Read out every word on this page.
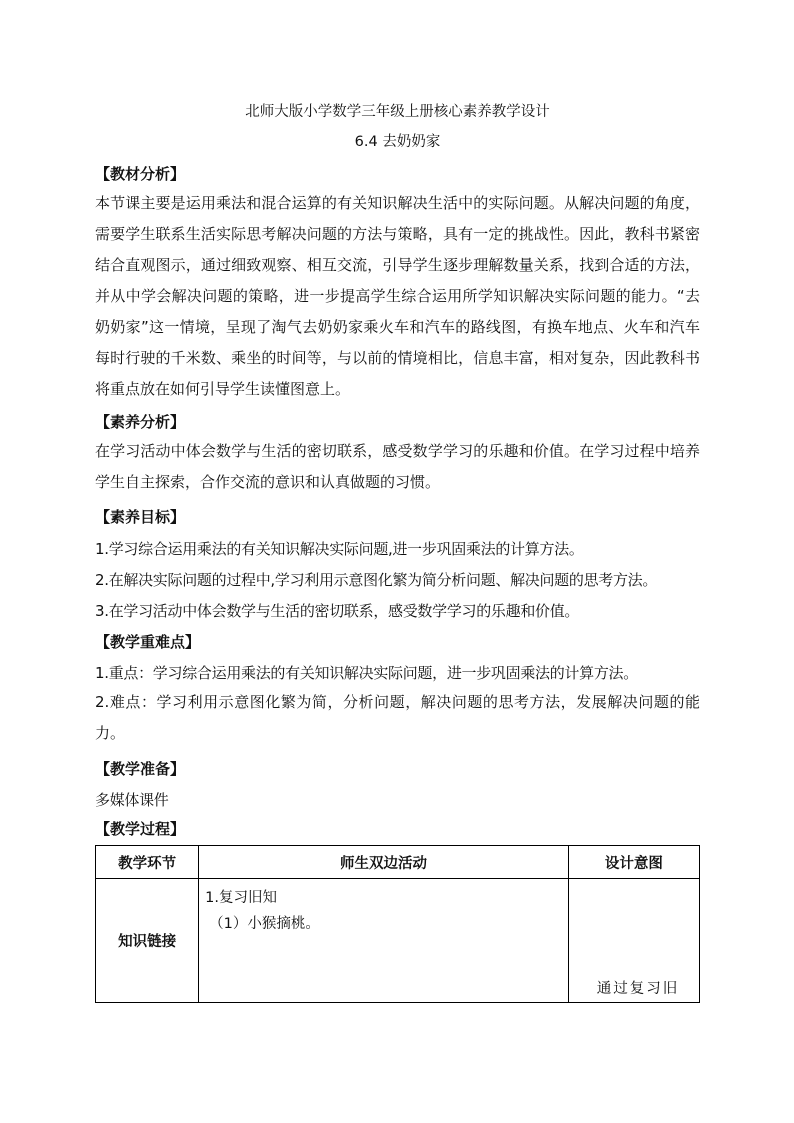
北师大版小学数学三年级上册核心素养教学设计
6.4 去奶奶家
【教材分析】
本节课主要是运用乘法和混合运算的有关知识解决生活中的实际问题。从解决问题的角度，需要学生联系生活实际思考解决问题的方法与策略，具有一定的挑战性。因此，教科书紧密结合直观图示，通过细致观察、相互交流，引导学生逐步理解数量关系，找到合适的方法，并从中学会解决问题的策略，进一步提高学生综合运用所学知识解决实际问题的能力。“去奶奶家”这一情境，呈现了淘气去奶奶家乘火车和汽车的路线图，有换车地点、火车和汽车每时行驶的千米数、乘坐的时间等，与以前的情境相比，信息丰富，相对复杂，因此教科书将重点放在如何引导学生读懂图意上。
【素养分析】
在学习活动中体会数学与生活的密切联系，感受数学学习的乐趣和价值。在学习过程中培养学生自主探索，合作交流的意识和认真做题的习惯。
【素养目标】
1.学习综合运用乘法的有关知识解决实际问题,进一步巩固乘法的计算方法。
2.在解决实际问题的过程中,学习利用示意图化繁为简分析问题、解决问题的思考方法。
3.在学习活动中体会数学与生活的密切联系，感受数学学习的乐趣和价值。
【教学重难点】
1.重点：学习综合运用乘法的有关知识解决实际问题，进一步巩固乘法的计算方法。
2.难点：学习利用示意图化繁为简，分析问题，解决问题的思考方法，发展解决问题的能力。
【教学准备】
多媒体课件
【教学过程】
教学环节	师生双边活动	设计意图
知识链接	1.复习旧知
（1）小猴摘桃。	通过复习旧
